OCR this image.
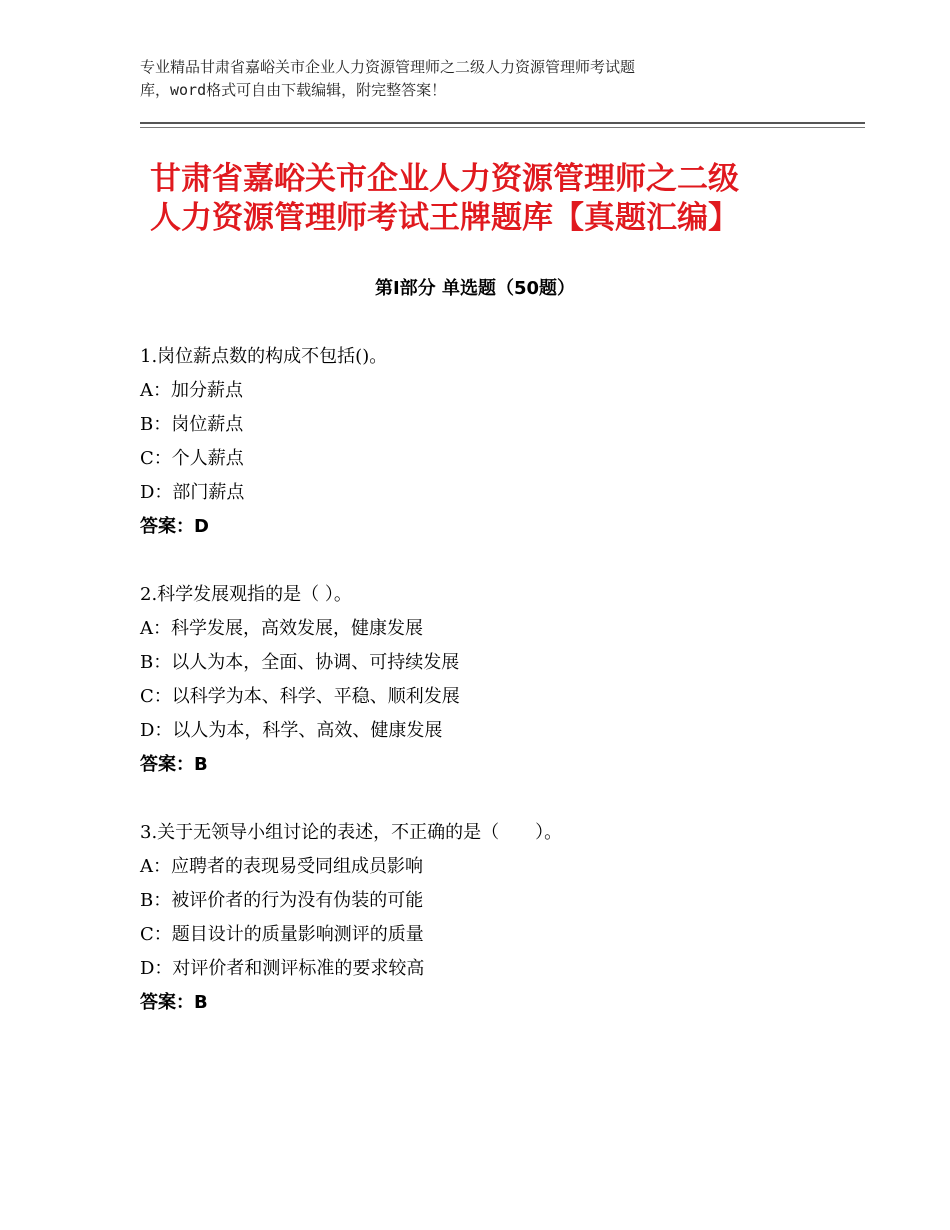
专业精品甘肃省嘉峪关市企业人力资源管理师之二级人力资源管理师考试题
库，word格式可自由下载编辑，附完整答案！
甘肃省嘉峪关市企业人力资源管理师之二级
人力资源管理师考试王牌题库【真题汇编】
第Ⅰ部分 单选题（50题）
1.岗位薪点数的构成不包括()。
A：加分薪点
B：岗位薪点
C：个人薪点
D：部门薪点
答案：D
2.科学发展观指的是（ ）。
A：科学发展，高效发展，健康发展
B：以人为本，全面、协调、可持续发展
C：以科学为本、科学、平稳、顺利发展
D：以人为本，科学、高效、健康发展
答案：B
3.关于无领导小组讨论的表述，不正确的是（　　）。
A：应聘者的表现易受同组成员影响
B：被评价者的行为没有伪装的可能
C：题目设计的质量影响测评的质量
D：对评价者和测评标准的要求较高
答案：B
